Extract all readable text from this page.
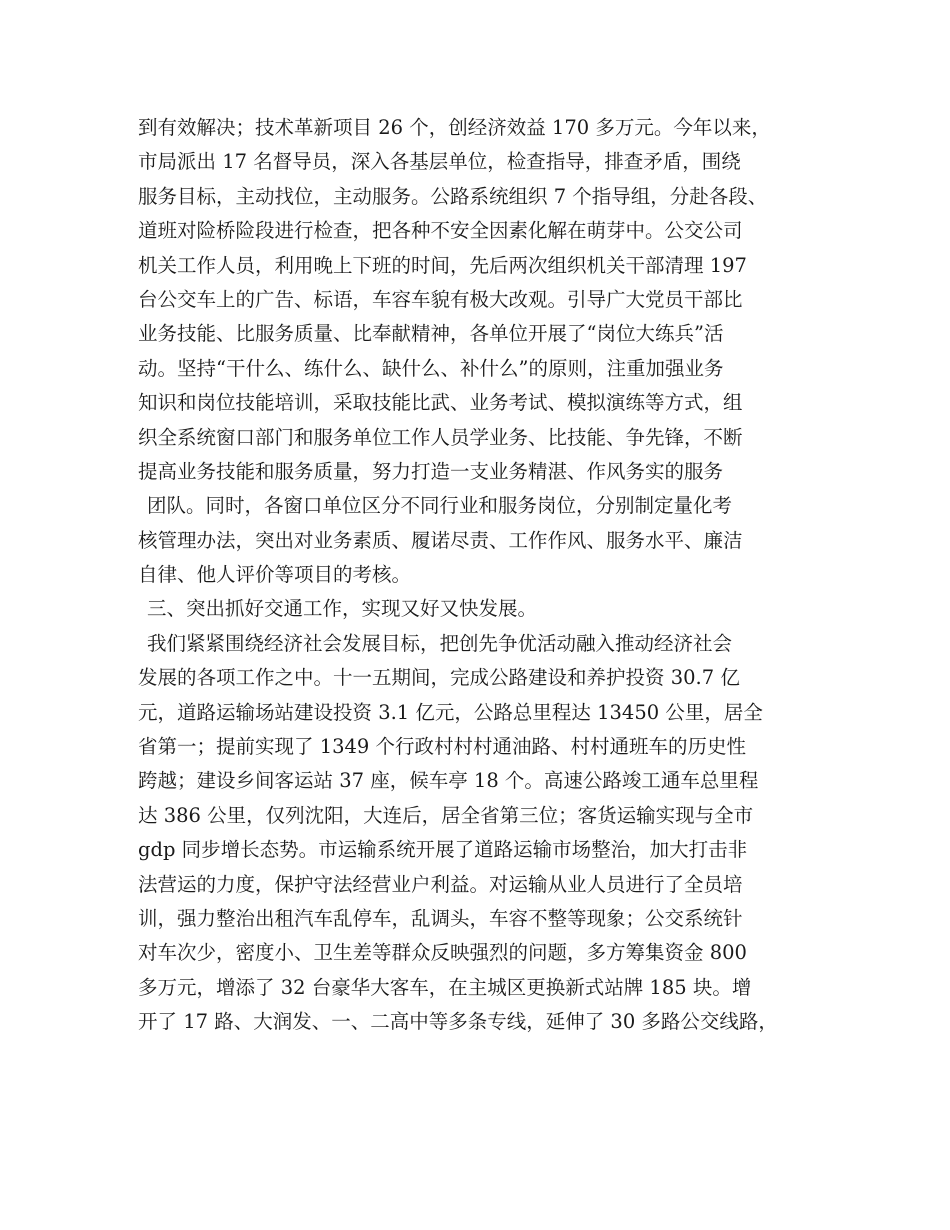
到有效解决；技术革新项目 26 个，创经济效益 170 多万元。今年以来，
市局派出 17 名督导员，深入各基层单位，检查指导，排查矛盾，围绕
服务目标，主动找位，主动服务。公路系统组织 7 个指导组，分赴各段、
道班对险桥险段进行检查，把各种不安全因素化解在萌芽中。公交公司
机关工作人员，利用晚上下班的时间，先后两次组织机关干部清理 197
台公交车上的广告、标语，车容车貌有极大改观。引导广大党员干部比
业务技能、比服务质量、比奉献精神，各单位开展了“岗位大练兵”活
动。坚持“干什么、练什么、缺什么、补什么”的原则，注重加强业务
知识和岗位技能培训，采取技能比武、业务考试、模拟演练等方式，组
织全系统窗口部门和服务单位工作人员学业务、比技能、争先锋，不断
提高业务技能和服务质量，努力打造一支业务精湛、作风务实的服务
团队。同时，各窗口单位区分不同行业和服务岗位，分别制定量化考
核管理办法，突出对业务素质、履诺尽责、工作作风、服务水平、廉洁
自律、他人评价等项目的考核。
三、突出抓好交通工作，实现又好又快发展。
我们紧紧围绕经济社会发展目标，把创先争优活动融入推动经济社会
发展的各项工作之中。十一五期间，完成公路建设和养护投资 30.7 亿
元，道路运输场站建设投资 3.1 亿元，公路总里程达 13450 公里，居全
省第一；提前实现了 1349 个行政村村村通油路、村村通班车的历史性
跨越；建设乡间客运站 37 座，候车亭 18 个。高速公路竣工通车总里程
达 386 公里，仅列沈阳，大连后，居全省第三位；客货运输实现与全市
gdp 同步增长态势。市运输系统开展了道路运输市场整治，加大打击非
法营运的力度，保护守法经营业户利益。对运输从业人员进行了全员培
训，强力整治出租汽车乱停车，乱调头，车容不整等现象；公交系统针
对车次少，密度小、卫生差等群众反映强烈的问题，多方筹集资金 800
多万元，增添了 32 台豪华大客车，在主城区更换新式站牌 185 块。增
开了 17 路、大润发、一、二高中等多条专线，延伸了 30 多路公交线路，
